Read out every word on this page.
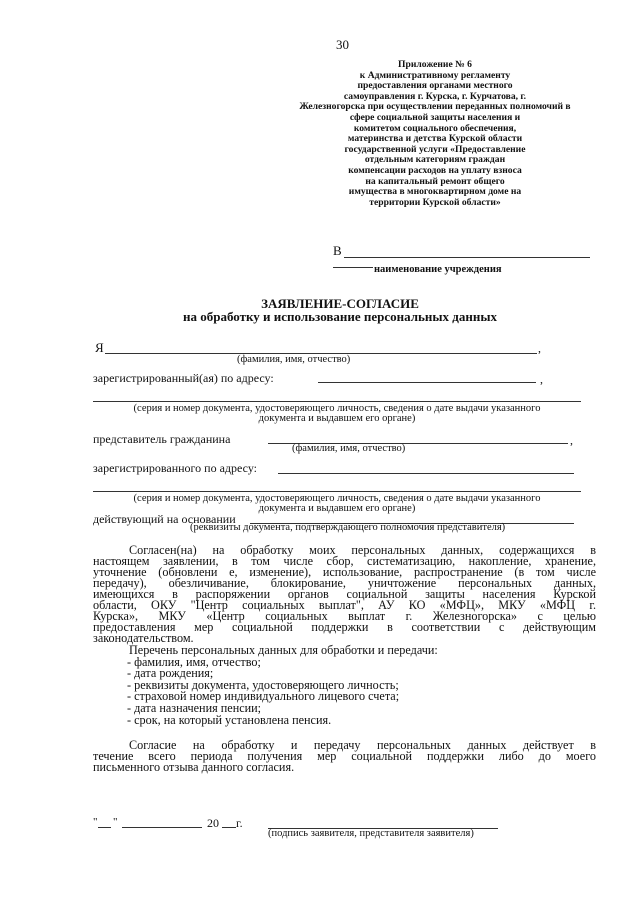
30
Приложение № 6
к Административному регламенту
предоставления органами местного
самоуправления г. Курска, г. Курчатова, г.
Железногорска при осуществлении переданных полномочий в
сфере социальной защиты населения и
комитетом социального обеспечения,
материнства и детства Курской области
государственной услуги «Предоставление
отдельным категориям граждан
компенсации расходов на уплату взноса
на капитальный ремонт общего
имущества в многоквартирном доме на
территории Курской области»
В
наименование учреждения
ЗАЯВЛЕНИЕ-СОГЛАСИЕ
на обработку и использование персональных данных
Я	,
(фамилия, имя, отчество)
зарегистрированный(ая) по адресу:	,
(серия и номер документа, удостоверяющего личность, сведения о дате выдачи указанного
документа и выдавшем его органе)
представитель гражданина	,
(фамилия, имя, отчество)
зарегистрированного по адресу:
(серия и номер документа, удостоверяющего личность, сведения о дате выдачи указанного
документа и выдавшем его органе)
действующий на основании
(реквизиты документа, подтверждающего полномочия представителя)
Согласен(на) на обработку моих персональных данных, содержащихся в
настоящем заявлении, в том числе сбор, систематизацию, накопление, хранение,
уточнение (обновлени е, изменение), использование, распространение (в том числе
передачу), обезличивание, блокирование, уничтожение персональных данных,
имеющихся в распоряжении органов социальной защиты населения Курской
области, ОКУ "Центр социальных выплат", АУ КО «МФЦ», МКУ «МФЦ г.
Курска», МКУ «Центр социальных выплат г. Железногорска» с целью
предоставления мер социальной поддержки в соответствии с действующим
законодательством.
Перечень персональных данных для обработки и передачи:
- фамилия, имя, отчество;
- дата рождения;
- реквизиты документа, удостоверяющего личность;
- страховой номер индивидуального лицевого счета;
- дата назначения пенсии;
- срок, на который установлена пенсия.
Согласие на обработку и передачу персональных данных действует в
течение всего периода получения мер социальной поддержки либо до моего
письменного отзыва данного согласия.
" "	20 г.
(подпись заявителя, представителя заявителя)
